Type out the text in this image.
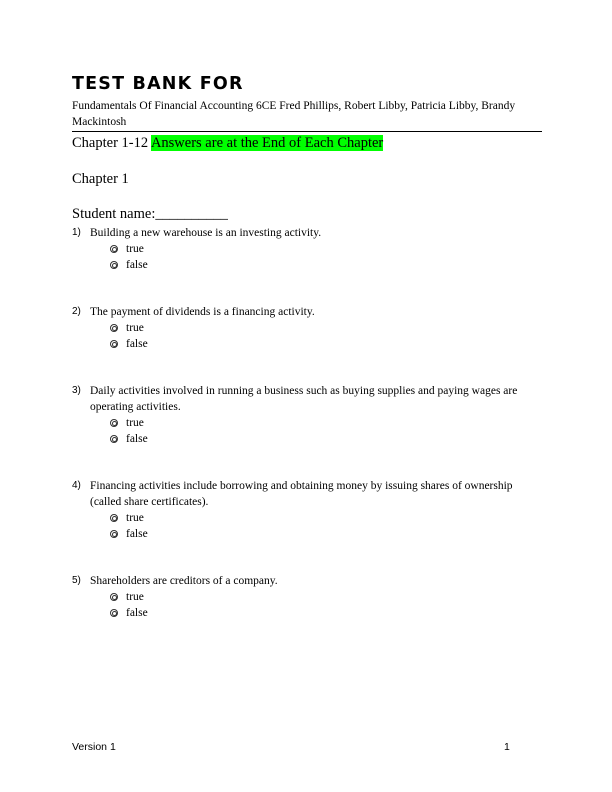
TEST BANK FOR

Fundamentals Of Financial Accounting 6CE Fred Phillips, Robert Libby, Patricia Libby, Brandy Mackintosh

Chapter 1-12 Answers are at the End of Each Chapter
Chapter 1
Student name:__________
1) Building a new warehouse is an investing activity.
true
false
2) The payment of dividends is a financing activity.
true
false
3) Daily activities involved in running a business such as buying supplies and paying wages are operating activities.
true
false
4) Financing activities include borrowing and obtaining money by issuing shares of ownership (called share certificates).
true
false
5) Shareholders are creditors of a company.
true
false
Version 1	1
